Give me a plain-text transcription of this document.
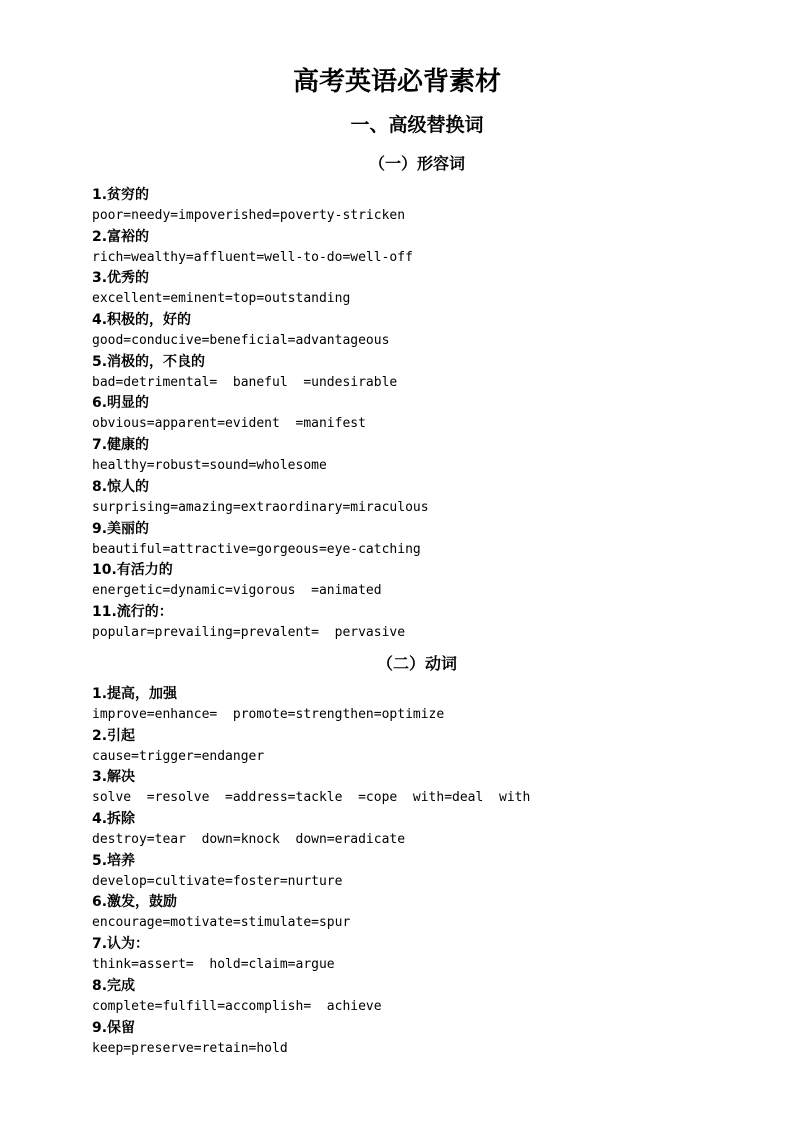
高考英语必背素材
一、高级替换词
（一）形容词
1.贫穷的
poor=needy=impoverished=poverty-stricken
2.富裕的
rich=wealthy=affluent=well-to-do=well-off
3.优秀的
excellent=eminent=top=outstanding
4.积极的，好的
good=conducive=beneficial=advantageous
5.消极的，不良的
bad=detrimental=  baneful  =undesirable
6.明显的
obvious=apparent=evident  =manifest
7.健康的
healthy=robust=sound=wholesome
8.惊人的
surprising=amazing=extraordinary=miraculous
9.美丽的
beautiful=attractive=gorgeous=eye-catching
10.有活力的
energetic=dynamic=vigorous  =animated
11.流行的：
popular=prevailing=prevalent=  pervasive
（二）动词
1.提高，加强
improve=enhance=  promote=strengthen=optimize
2.引起
cause=trigger=endanger
3.解决
solve  =resolve  =address=tackle  =cope  with=deal  with
4.拆除
destroy=tear  down=knock  down=eradicate
5.培养
develop=cultivate=foster=nurture
6.激发，鼓励
encourage=motivate=stimulate=spur
7.认为：
think=assert=  hold=claim=argue
8.完成
complete=fulfill=accomplish=  achieve
9.保留
keep=preserve=retain=hold
